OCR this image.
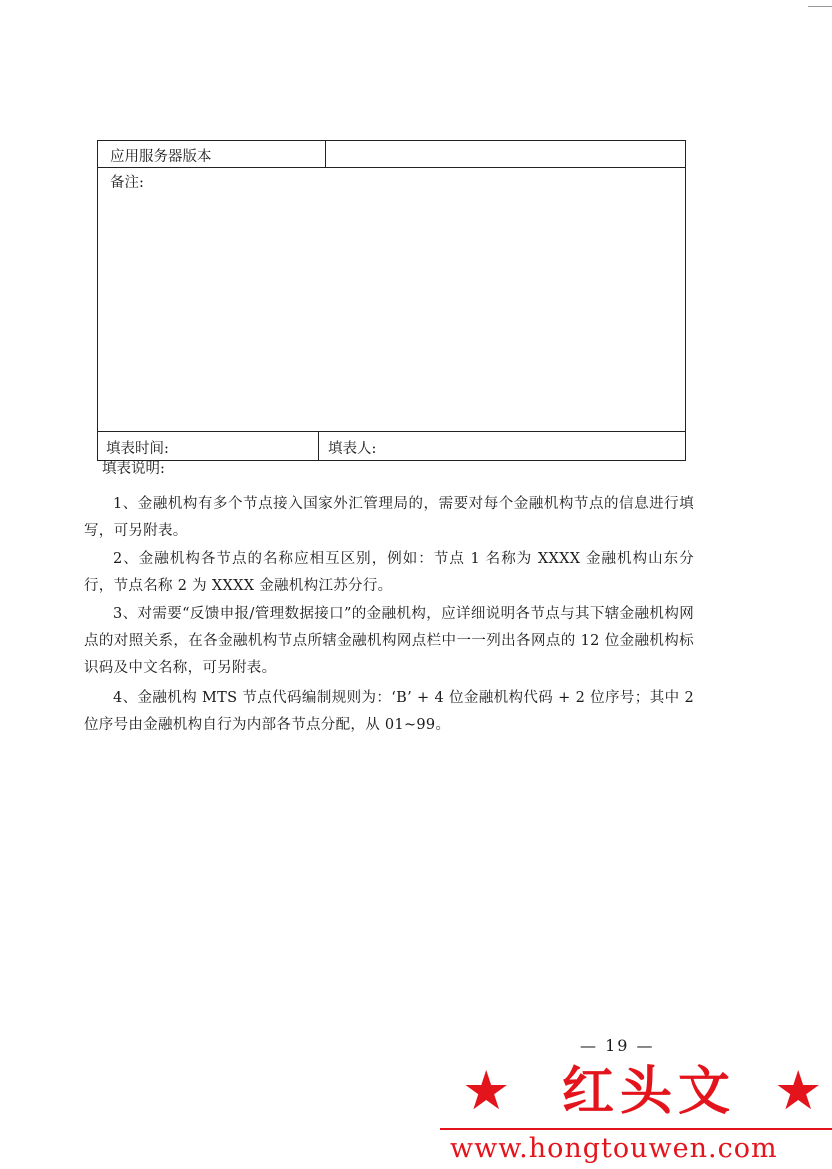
应用服务器版本
备注:
填表时间:	填表人:
填表说明:
1、金融机构有多个节点接入国家外汇管理局的，需要对每个金融机构节点的信息进行填写，可另附表。
2、金融机构各节点的名称应相互区别，例如：节点 1 名称为 XXXX 金融机构山东分行，节点名称 2 为 XXXX 金融机构江苏分行。
3、对需要“反馈申报/管理数据接口”的金融机构，应详细说明各节点与其下辖金融机构网点的对照关系，在各金融机构节点所辖金融机构网点栏中一一列出各网点的 12 位金融机构标识码及中文名称，可另附表。
4、金融机构 MTS 节点代码编制规则为：‘B’ + 4 位金融机构代码 + 2 位序号；其中 2 位序号由金融机构自行为内部各节点分配，从 01~99。
— 19 —
★ 红头文 ★
www.hongtouwen.com
